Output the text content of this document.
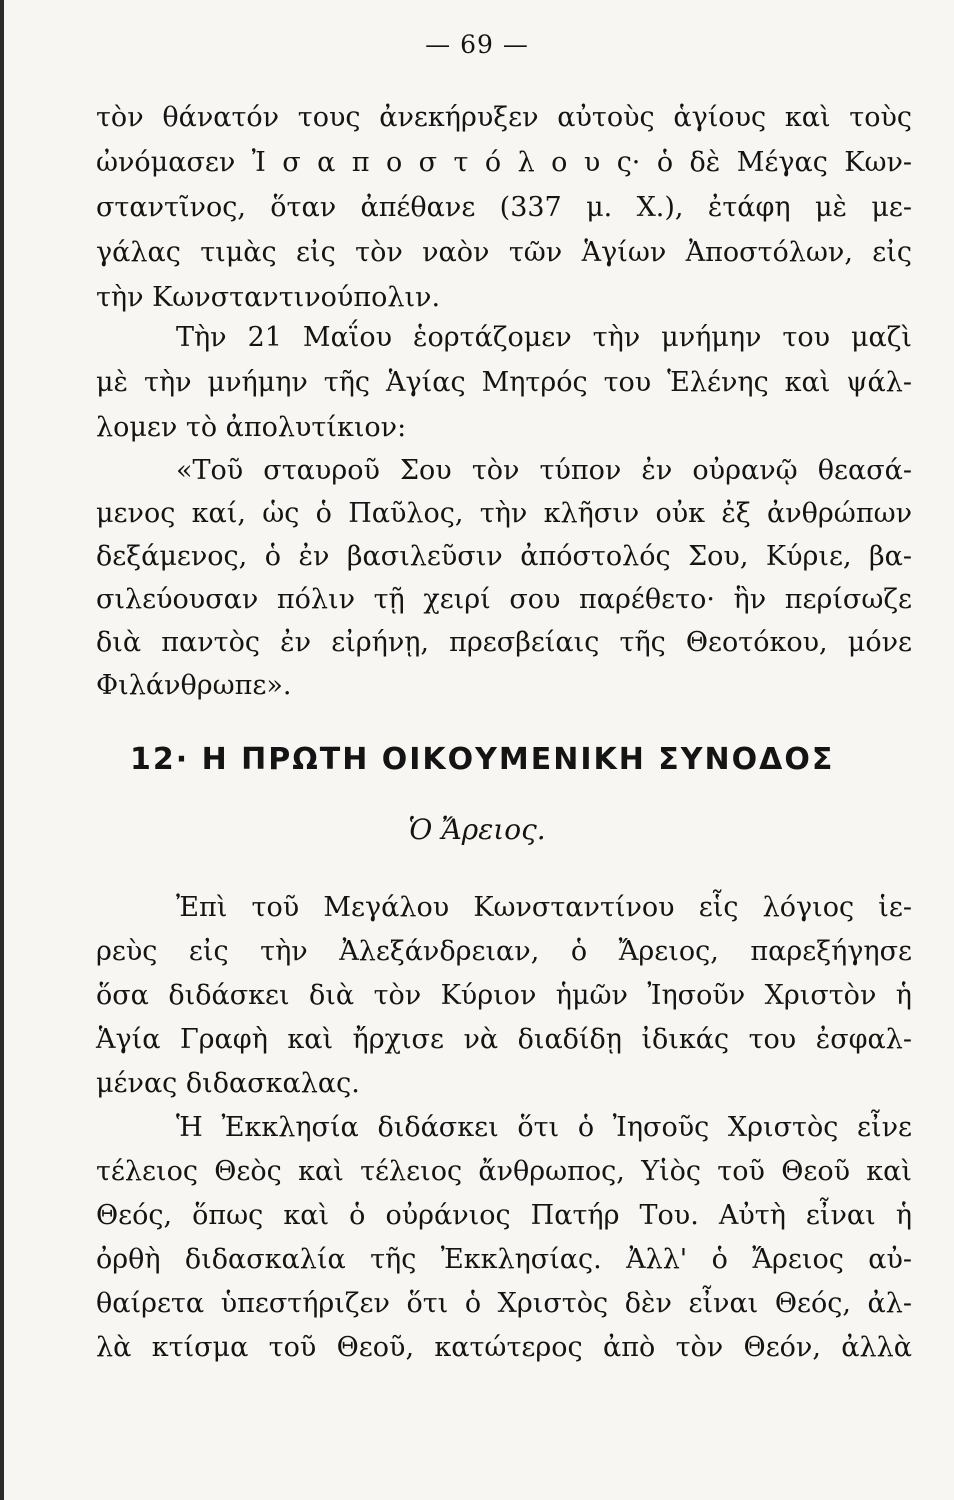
— 69 —
τὸν θάνατόν τους ἀνεκήρυξεν αὐτοὺς ἁγίους καὶ τοὺς
ὠνόμασεν Ἰ σ α π ο σ τ ό λ ο υ ς· ὁ δὲ Μέγας Κων-
σταντῖνος, ὅταν ἀπέθανε (337 μ. Χ.), ἐτάφη μὲ με-
γάλας τιμὰς εἰς τὸν ναὸν τῶν Ἁγίων Ἀποστόλων, εἰς
τὴν Κωνσταντινούπολιν.
Τὴν 21 Μαΐου ἑορτάζομεν τὴν μνήμην του μαζὶ
μὲ τὴν μνήμην τῆς Ἁγίας Μητρός του Ἑλένης καὶ ψάλ-
λομεν τὸ ἀπολυτίκιον:
«Τοῦ σταυροῦ Σου τὸν τύπον ἐν οὐρανῷ θεασά-
μενος καί, ὡς ὁ Παῦλος, τὴν κλῆσιν οὐκ ἐξ ἀνθρώπων
δεξάμενος, ὁ ἐν βασιλεῦσιν ἀπόστολός Σου, Κύριε, βα-
σιλεύουσαν πόλιν τῇ χειρί σου παρέθετο· ἣν περίσωζε
διὰ παντὸς ἐν εἰρήνῃ, πρεσβείαις τῆς Θεοτόκου, μόνε
Φιλάνθρωπε».
12· Η ΠΡΩΤΗ ΟΙΚΟΥΜΕΝΙΚΗ ΣΥΝΟΔΟΣ
Ὁ Ἄρειος.
Ἐπὶ τοῦ Μεγάλου Κωνσταντίνου εἷς λόγιος ἱε-
ρεὺς εἰς τὴν Ἀλεξάνδρειαν, ὁ Ἄρειος, παρεξήγησε
ὅσα διδάσκει διὰ τὸν Κύριον ἡμῶν Ἰησοῦν Χριστὸν ἡ
Ἁγία Γραφὴ καὶ ἤρχισε νὰ διαδίδῃ ἰδικάς του ἐσφαλ-
μένας διδασκαλας.
Ἡ Ἐκκλησία διδάσκει ὅτι ὁ Ἰησοῦς Χριστὸς εἶνε
τέλειος Θεὸς καὶ τέλειος ἄνθρωπος, Υἱὸς τοῦ Θεοῦ καὶ
Θεός, ὅπως καὶ ὁ οὐράνιος Πατήρ Του. Αὐτὴ εἶναι ἡ
ὀρθὴ διδασκαλία τῆς Ἐκκλησίας. Ἀλλ' ὁ Ἄρειος αὐ-
θαίρετα ὑπεστήριζεν ὅτι ὁ Χριστὸς δὲν εἶναι Θεός, ἀλ-
λὰ κτίσμα τοῦ Θεοῦ, κατώτερος ἀπὸ τὸν Θεόν, ἀλλὰ
